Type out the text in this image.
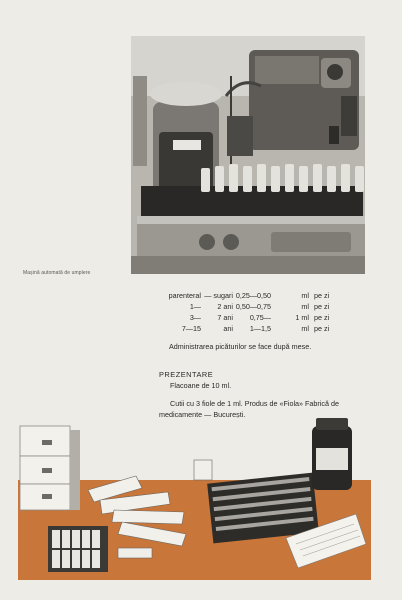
Mașină automată de umplere
parenteral — sugari 0,25—0,50	ml pe zi
1— 2 ani 0,50—0,75	ml pe zi
3— 7 ani 0,75—	1 ml pe zi
7—15	ani 1—1,5	ml pe zi
Administrarea picăturilor se face după mese.
PREZENTARE
Flacoane de 10 ml.
Cutii cu 3 fiole de 1 ml. Produs de «Fiola» Fabrică de medicamente — București.
